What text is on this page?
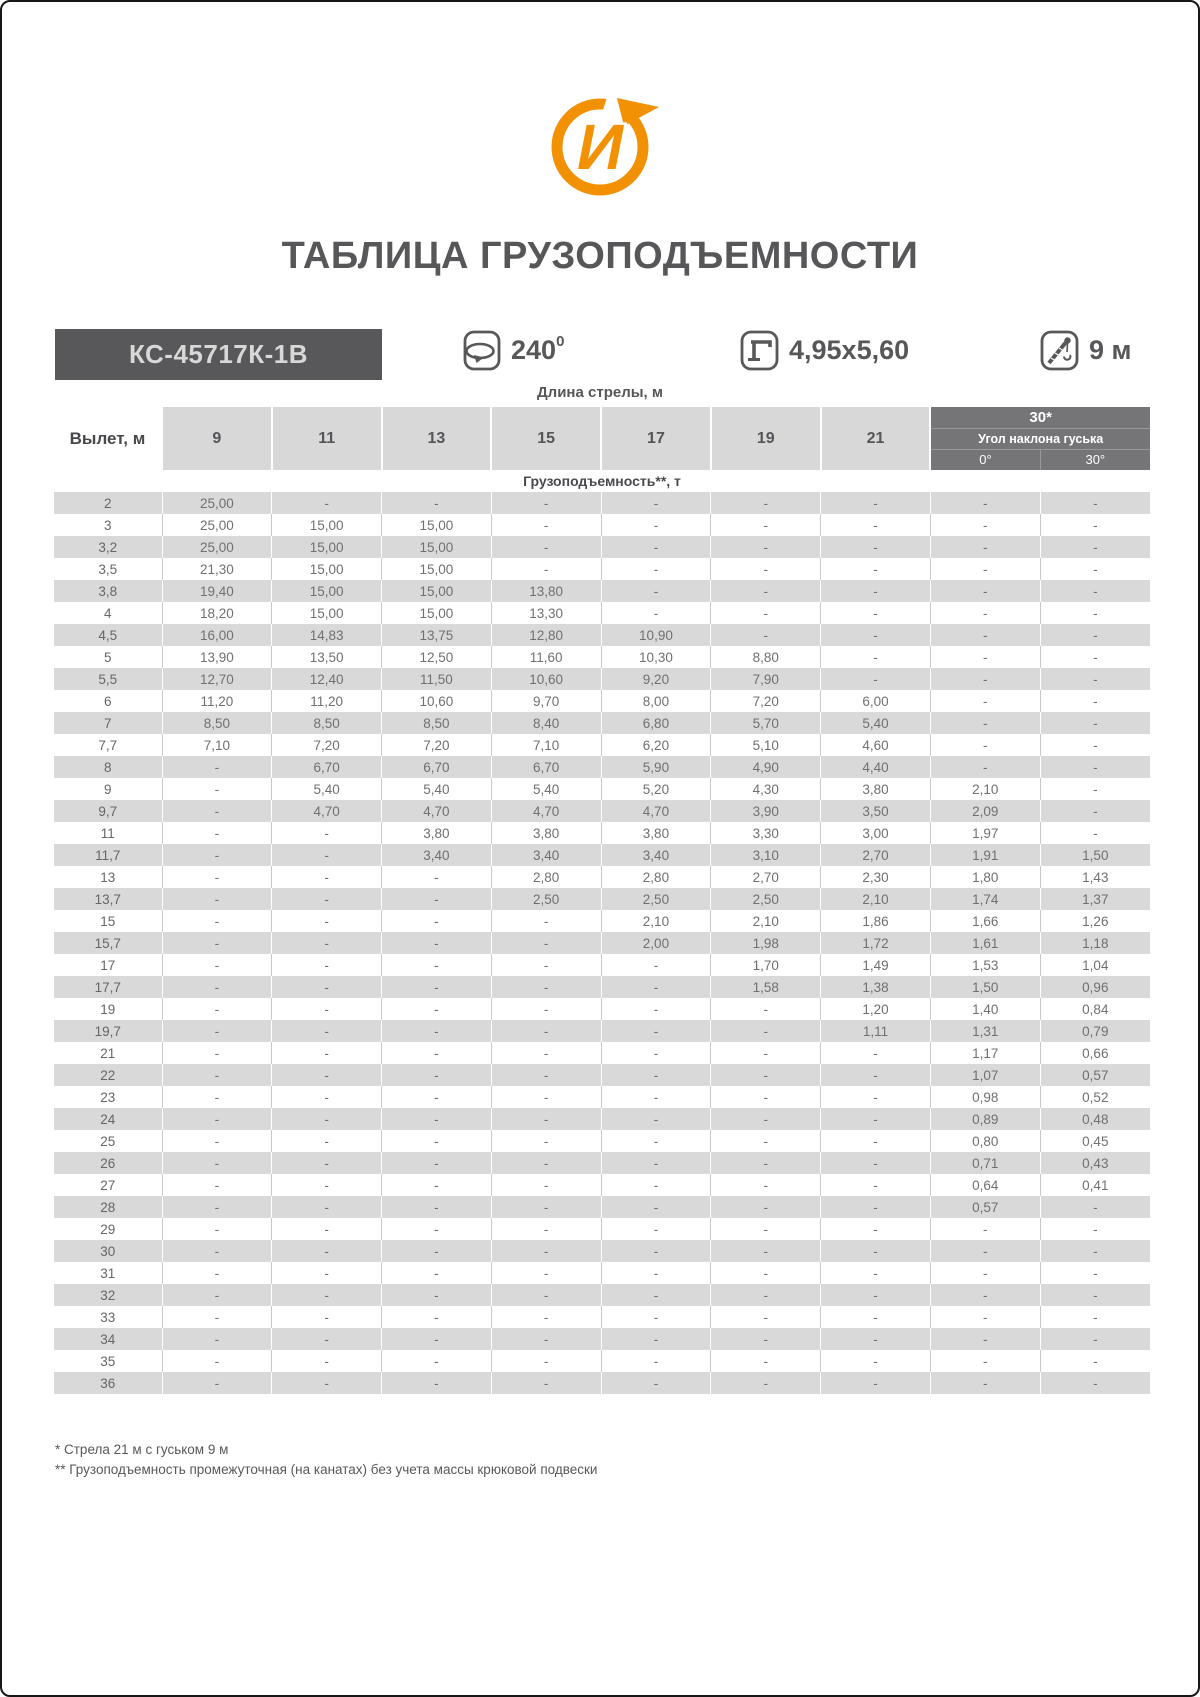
И
ТАБЛИЦА ГРУЗОПОДЪЕМНОСТИ
КС-45717К-1В	$240^0$	4,95x5,60	9 м
Длина стрелы, м
Вылет, м	9	11	13	15	17	19	21	30*	
								Угол наклона гуська	
								0°	30°
Грузоподъемность**, т									
2	25,00	-	-	-	-	-	-	-	-
3	25,00	15,00	15,00	-	-	-	-	-	-
3,2	25,00	15,00	15,00	-	-	-	-	-	-
3,5	21,30	15,00	15,00	-	-	-	-	-	-
3,8	19,40	15,00	15,00	13,80	-	-	-	-	-
4	18,20	15,00	15,00	13,30	-	-	-	-	-
4,5	16,00	14,83	13,75	12,80	10,90	-	-	-	-
5	13,90	13,50	12,50	11,60	10,30	8,80	-	-	-
5,5	12,70	12,40	11,50	10,60	9,20	7,90	-	-	-
6	11,20	11,20	10,60	9,70	8,00	7,20	6,00	-	-
7	8,50	8,50	8,50	8,40	6,80	5,70	5,40	-	-
7,7	7,10	7,20	7,20	7,10	6,20	5,10	4,60	-	-
8	-	6,70	6,70	6,70	5,90	4,90	4,40	-	-
9	-	5,40	5,40	5,40	5,20	4,30	3,80	2,10	-
9,7	-	4,70	4,70	4,70	4,70	3,90	3,50	2,09	-
11	-	-	3,80	3,80	3,80	3,30	3,00	1,97	-
11,7	-	-	3,40	3,40	3,40	3,10	2,70	1,91	1,50
13	-	-	-	2,80	2,80	2,70	2,30	1,80	1,43
13,7	-	-	-	2,50	2,50	2,50	2,10	1,74	1,37
15	-	-	-	-	2,10	2,10	1,86	1,66	1,26
15,7	-	-	-	-	2,00	1,98	1,72	1,61	1,18
17	-	-	-	-	-	1,70	1,49	1,53	1,04
17,7	-	-	-	-	-	1,58	1,38	1,50	0,96
19	-	-	-	-	-	-	1,20	1,40	0,84
19,7	-	-	-	-	-	-	1,11	1,31	0,79
21	-	-	-	-	-	-	-	1,17	0,66
22	-	-	-	-	-	-	-	1,07	0,57
23	-	-	-	-	-	-	-	0,98	0,52
24	-	-	-	-	-	-	-	0,89	0,48
25	-	-	-	-	-	-	-	0,80	0,45
26	-	-	-	-	-	-	-	0,71	0,43
27	-	-	-	-	-	-	-	0,64	0,41
28	-	-	-	-	-	-	-	0,57	-
29	-	-	-	-	-	-	-	-	-
30	-	-	-	-	-	-	-	-	-
31	-	-	-	-	-	-	-	-	-
32	-	-	-	-	-	-	-	-	-
33	-	-	-	-	-	-	-	-	-
34	-	-	-	-	-	-	-	-	-
35	-	-	-	-	-	-	-	-	-
36	-	-	-	-	-	-	-	-	-
* Стрела 21 м с гуськом 9 м
** Грузоподъемность промежуточная (на канатах) без учета массы крюковой подвески
